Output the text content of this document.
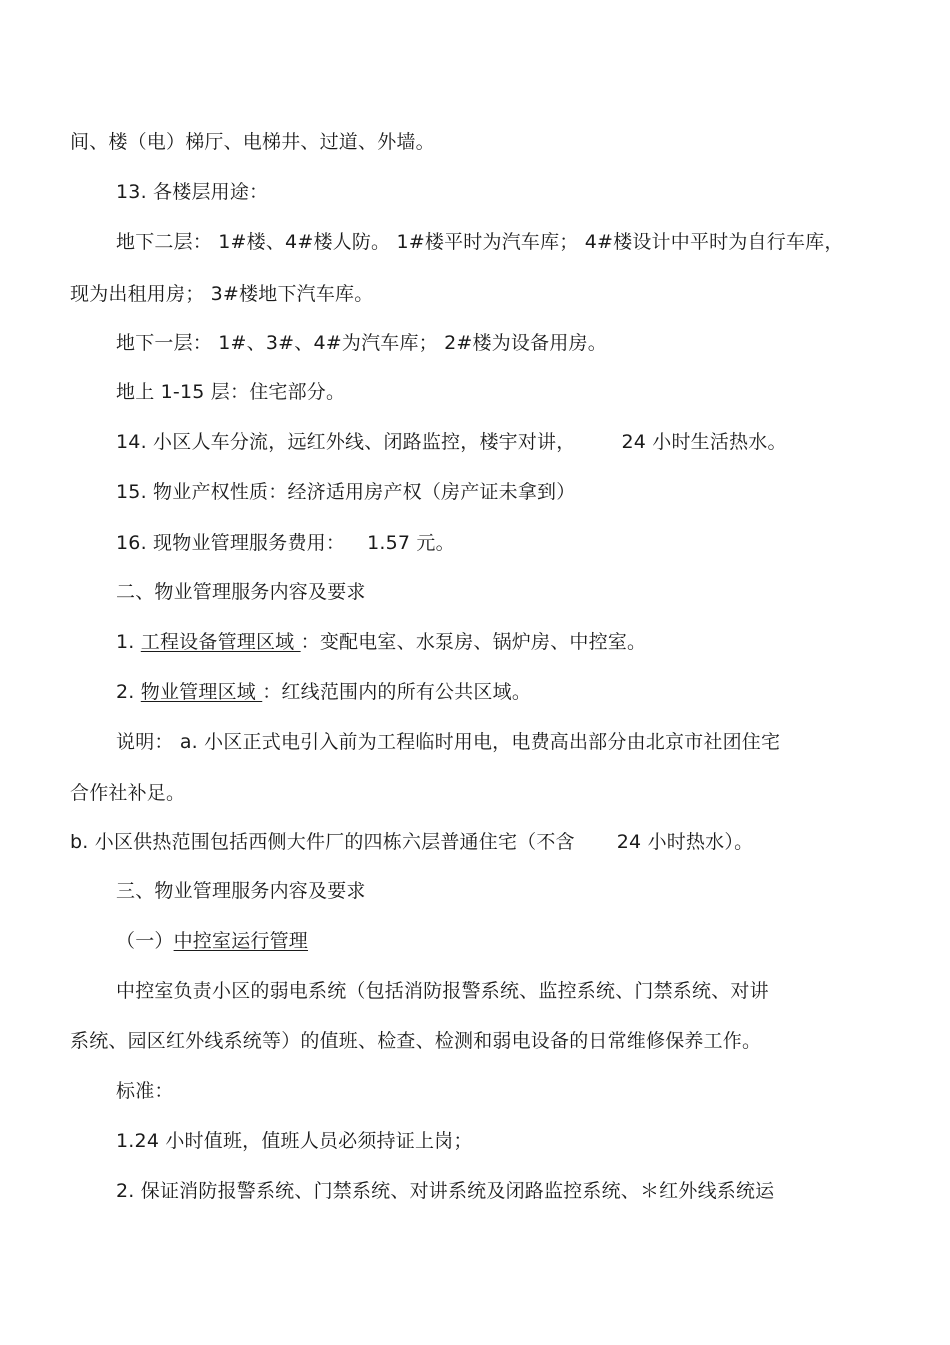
间、楼（电）梯厅、电梯井、过道、外墙。
13. 各楼层用途：
地下二层： 1#楼、4#楼人防。 1#楼平时为汽车库； 4#楼设计中平时为自行车库，
现为出租用房； 3#楼地下汽车库。
地下一层： 1#、3#、4#为汽车库； 2#楼为设备用房。
地上 1-15 层：住宅部分。
14. 小区人车分流，远红外线、闭路监控，楼宇对讲， 24 小时生活热水。
15. 物业产权性质：经济适用房产权（房产证未拿到）
16. 现物业管理服务费用： 1.57 元。
二、物业管理服务内容及要求
1. 工程设备管理区域 ：变配电室、水泵房、锅炉房、中控室。
2. 物业管理区域 ：红线范围内的所有公共区域。
说明： a. 小区正式电引入前为工程临时用电，电费高出部分由北京市社团住宅
合作社补足。
b. 小区供热范围包括西侧大件厂的四栋六层普通住宅（不含 24 小时热水）。
三、物业管理服务内容及要求
（一）中控室运行管理
中控室负责小区的弱电系统（包括消防报警系统、监控系统、门禁系统、对讲
系统、园区红外线系统等）的值班、检查、检测和弱电设备的日常维修保养工作。
标准：
1.24 小时值班，值班人员必须持证上岗；
2. 保证消防报警系统、门禁系统、对讲系统及闭路监控系统、＊红外线系统运
